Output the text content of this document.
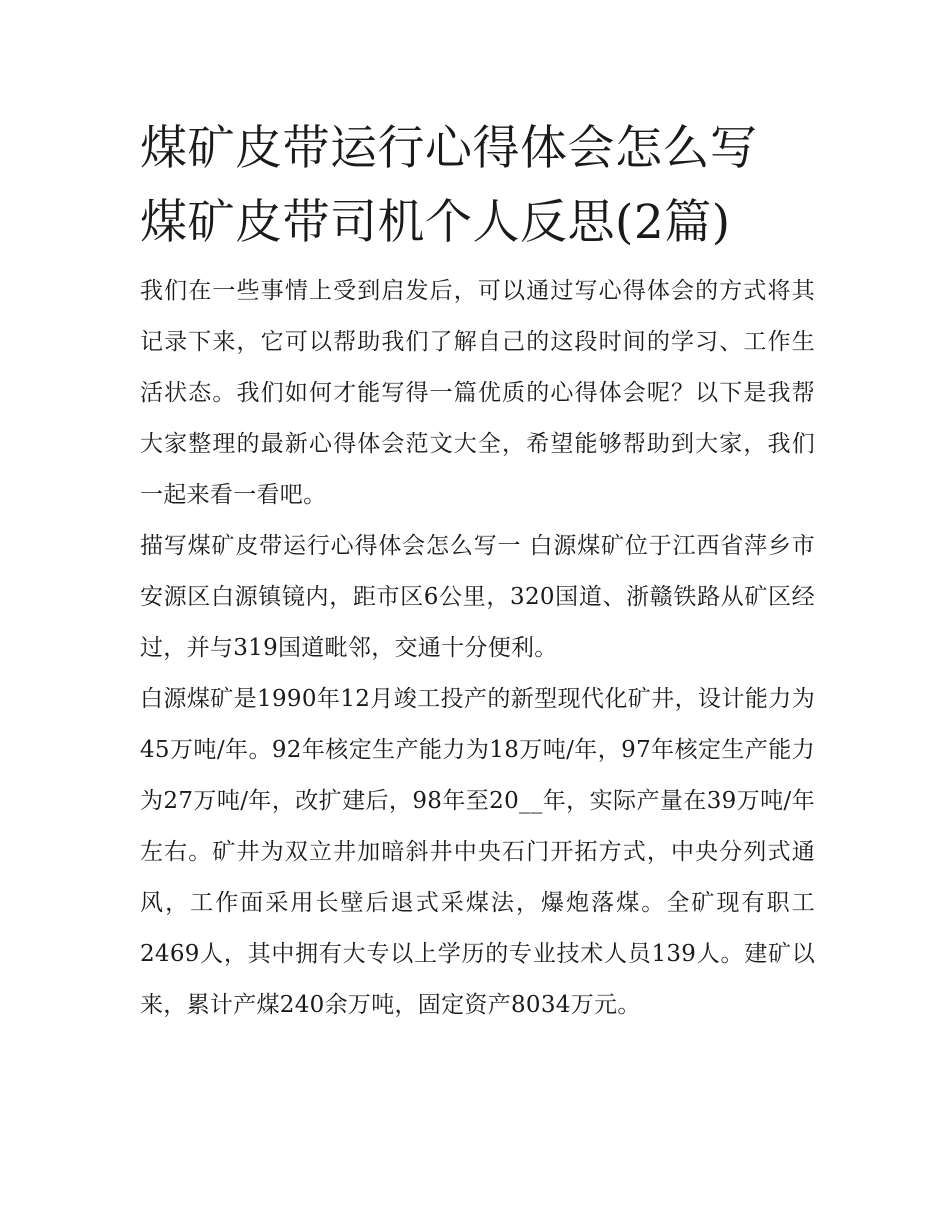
煤矿皮带运行心得体会怎么写 煤矿皮带司机个人反思(2篇)

我们在一些事情上受到启发后，可以通过写心得体会的方式将其记录下来，它可以帮助我们了解自己的这段时间的学习、工作生活状态。我们如何才能写得一篇优质的心得体会呢？以下是我帮大家整理的最新心得体会范文大全，希望能够帮助到大家，我们一起来看一看吧。

描写煤矿皮带运行心得体会怎么写一 白源煤矿位于江西省萍乡市安源区白源镇镜内，距市区6公里，320国道、浙赣铁路从矿区经过，并与319国道毗邻，交通十分便利。

白源煤矿是1990年12月竣工投产的新型现代化矿井，设计能力为45万吨/年。92年核定生产能力为18万吨/年，97年核定生产能力为27万吨/年，改扩建后，98年至20__年，实际产量在39万吨/年左右。矿井为双立井加暗斜井中央石门开拓方式，中央分列式通风，工作面采用长壁后退式采煤法，爆炮落煤。全矿现有职工2469人，其中拥有大专以上学历的专业技术人员139人。建矿以来，累计产煤240余万吨，固定资产8034万元。
